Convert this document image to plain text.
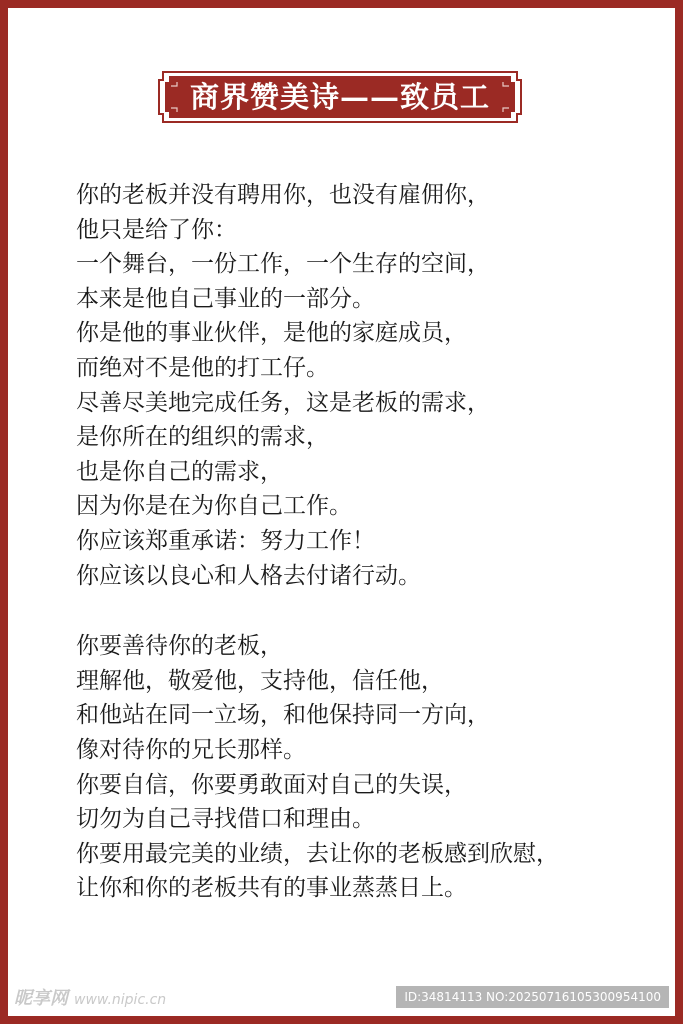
商界赞美诗——致员工
你的老板并没有聘用你，也没有雇佣你，
他只是给了你：
一个舞台，一份工作，一个生存的空间，
本来是他自己事业的一部分。
你是他的事业伙伴，是他的家庭成员，
而绝对不是他的打工仔。
尽善尽美地完成任务，这是老板的需求，
是你所在的组织的需求，
也是你自己的需求，
因为你是在为你自己工作。
你应该郑重承诺：努力工作！
你应该以良心和人格去付诸行动。
你要善待你的老板，
理解他，敬爱他，支持他，信任他，
和他站在同一立场，和他保持同一方向，
像对待你的兄长那样。
你要自信，你要勇敢面对自己的失误，
切勿为自己寻找借口和理由。
你要用最完美的业绩，去让你的老板感到欣慰，
让你和你的老板共有的事业蒸蒸日上。
昵享网 www.nipic.cn	ID:34814113 NO:20250716105300954100
